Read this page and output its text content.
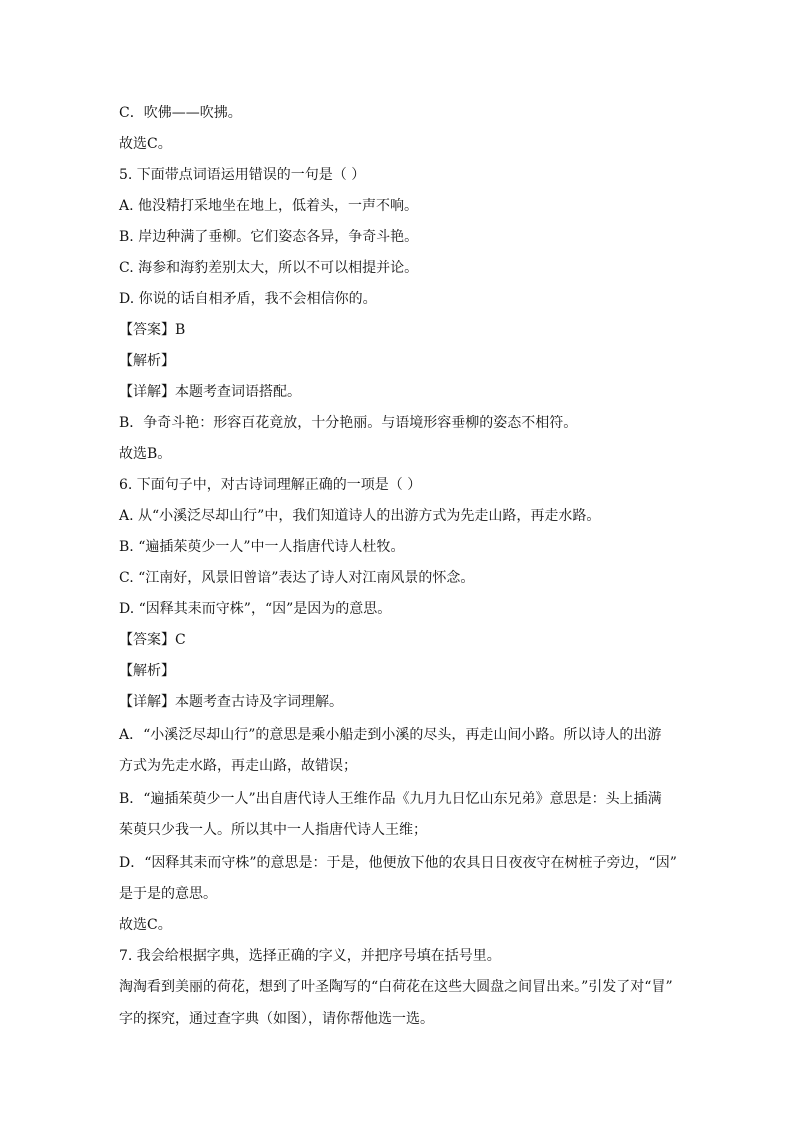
C．吹佛——吹拂。
故选C。
5. 下面带点词语运用错误的一句是（ ）
A. 他没精打采地坐在地上，低着头，一声不响。
B. 岸边种满了垂柳。它们姿态各异，争奇斗艳。
C. 海参和海豹差别太大，所以不可以相提并论。
D. 你说的话自相矛盾，我不会相信你的。
【答案】B
【解析】
【详解】本题考查词语搭配。
B．争奇斗艳：形容百花竟放，十分艳丽。与语境形容垂柳的姿态不相符。
故选B。
6. 下面句子中，对古诗词理解正确的一项是（ ）
A. 从“小溪泛尽却山行”中，我们知道诗人的出游方式为先走山路，再走水路。
B. “遍插茱萸少一人”中一人指唐代诗人杜牧。
C. “江南好，风景旧曾谙”表达了诗人对江南风景的怀念。
D. “因释其耒而守株”，“因”是因为的意思。
【答案】C
【解析】
【详解】本题考查古诗及字词理解。
A．“小溪泛尽却山行”的意思是乘小船走到小溪的尽头，再走山间小路。所以诗人的出游
方式为先走水路，再走山路，故错误；
B．“遍插茱萸少一人”出自唐代诗人王维作品《九月九日忆山东兄弟》意思是：头上插满
茱萸只少我一人。所以其中一人指唐代诗人王维；
D．“因释其耒而守株”的意思是：于是，他便放下他的农具日日夜夜守在树桩子旁边，“因”
是于是的意思。
故选C。
7. 我会给根据字典，选择正确的字义，并把序号填在括号里。
淘淘看到美丽的荷花，想到了叶圣陶写的“白荷花在这些大圆盘之间冒出来。”引发了对“冒”
字的探究，通过查字典（如图），请你帮他选一选。
